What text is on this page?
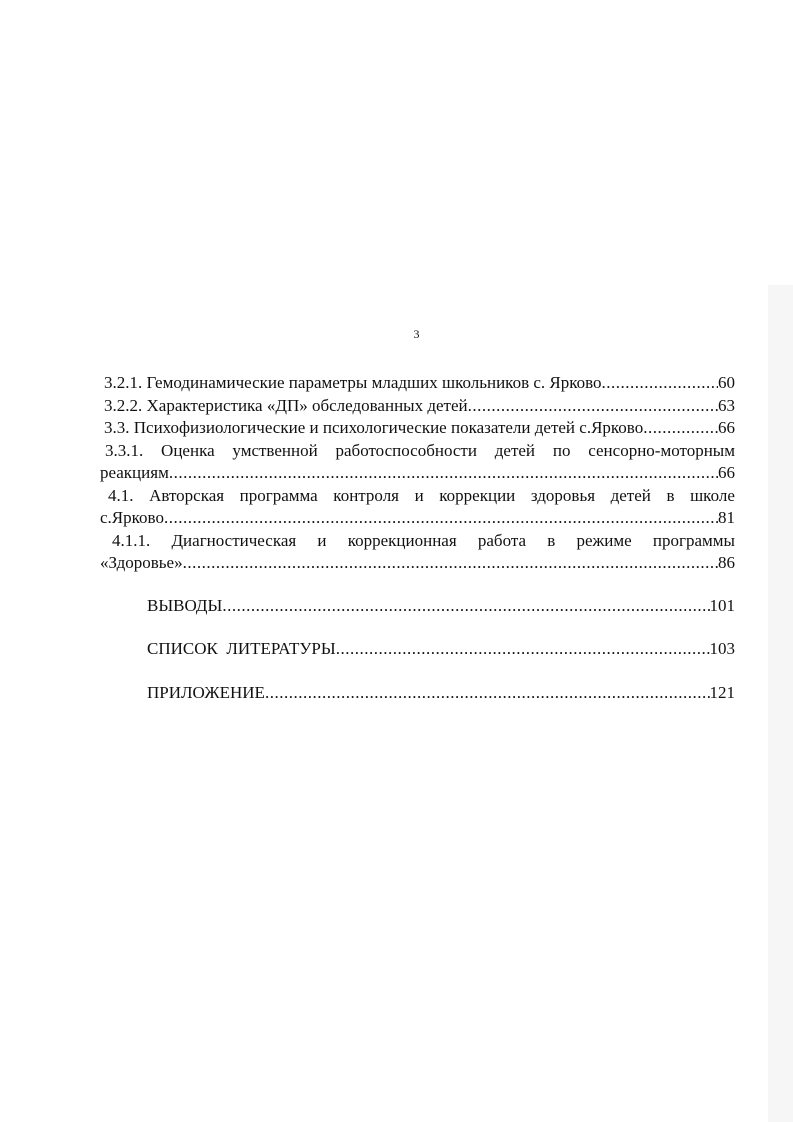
3
3.2.1. Гемодинамические параметры младших школьников с. Ярково .....	60
3.2.2. Характеристика «ДП» обследованных детей .....	63
3.3. Психофизиологические и психологические показатели детей с.Ярково .....	66
3.3.1. Оценка умственной работоспособности детей по сенсорно-моторным
реакциям .....	66
4.1. Авторская программа контроля и коррекции здоровья детей в школе
с.Ярково .....	81
4.1.1. Диагностическая и коррекционная работа в режиме программы
«Здоровье» .....	86
ВЫВОДЫ .....	101
СПИСОК  ЛИТЕРАТУРЫ .....	103
ПРИЛОЖЕНИЕ .....	121
